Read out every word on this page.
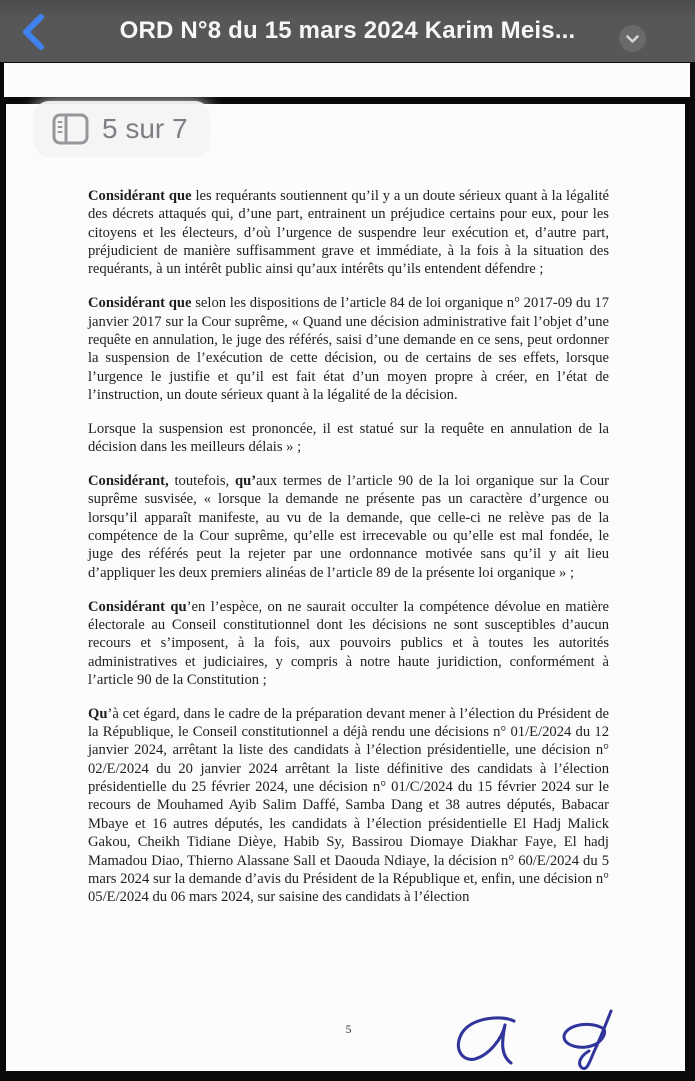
ORD N°8 du 15 mars 2024 Karim Meis...

Considérant que les requérants soutiennent qu’il y a un doute sérieux quant à la légalité des décrets attaqués qui, d’une part, entrainent un préjudice certains pour eux, pour les citoyens et les électeurs, d’où l’urgence de suspendre leur exécution et, d’autre part, préjudicient de manière suffisamment grave et immédiate, à la fois à la situation des requérants, à un intérêt public ainsi qu’aux intérêts qu’ils entendent défendre ;

Considérant que selon les dispositions de l’article 84 de loi organique n° 2017-09 du 17 janvier 2017 sur la Cour suprême, « Quand une décision administrative fait l’objet d’une requête en annulation, le juge des référés, saisi d’une demande en ce sens, peut ordonner la suspension de l’exécution de cette décision, ou de certains de ses effets, lorsque l’urgence le justifie et qu’il est fait état d’un moyen propre à créer, en l’état de l’instruction, un doute sérieux quant à la légalité de la décision.

Lorsque la suspension est prononcée, il est statué sur la requête en annulation de la décision dans les meilleurs délais » ;

Considérant, toutefois, qu’aux termes de l’article 90 de la loi organique sur la Cour suprême susvisée, « lorsque la demande ne présente pas un caractère d’urgence ou lorsqu’il apparaît manifeste, au vu de la demande, que celle-ci ne relève pas de la compétence de la Cour suprême, qu’elle est irrecevable ou qu’elle est mal fondée, le juge des référés peut la rejeter par une ordonnance motivée sans qu’il y ait lieu d’appliquer les deux premiers alinéas de l’article 89 de la présente loi organique » ;

Considérant qu’en l’espèce, on ne saurait occulter la compétence dévolue en matière électorale au Conseil constitutionnel dont les décisions ne sont susceptibles d’aucun recours et s’imposent, à la fois, aux pouvoirs publics et à toutes les autorités administratives et judiciaires, y compris à notre haute juridiction, conformément à l’article 90 de la Constitution ;

Qu’à cet égard, dans le cadre de la préparation devant mener à l’élection du Président de la République, le Conseil constitutionnel a déjà rendu une décisions n° 01/E/2024 du 12 janvier 2024, arrêtant la liste des candidats à l’élection présidentielle, une décision n° 02/E/2024 du 20 janvier 2024 arrêtant la liste définitive des candidats à l’élection présidentielle du 25 février 2024, une décision n° 01/C/2024 du 15 février 2024 sur le recours de Mouhamed Ayib Salim Daffé, Samba Dang et 38 autres députés, Babacar Mbaye et 16 autres députés, les candidats à l’élection présidentielle El Hadj Malick Gakou, Cheikh Tidiane Dièye, Habib Sy, Bassirou Diomaye Diakhar Faye, El hadj Mamadou Diao, Thierno Alassane Sall et Daouda Ndiaye, la décision n° 60/E/2024 du 5 mars 2024 sur la demande d’avis du Président de la République et, enfin, une décision n° 05/E/2024 du 06 mars 2024, sur saisine des candidats à l’élection

5
5 sur 7
